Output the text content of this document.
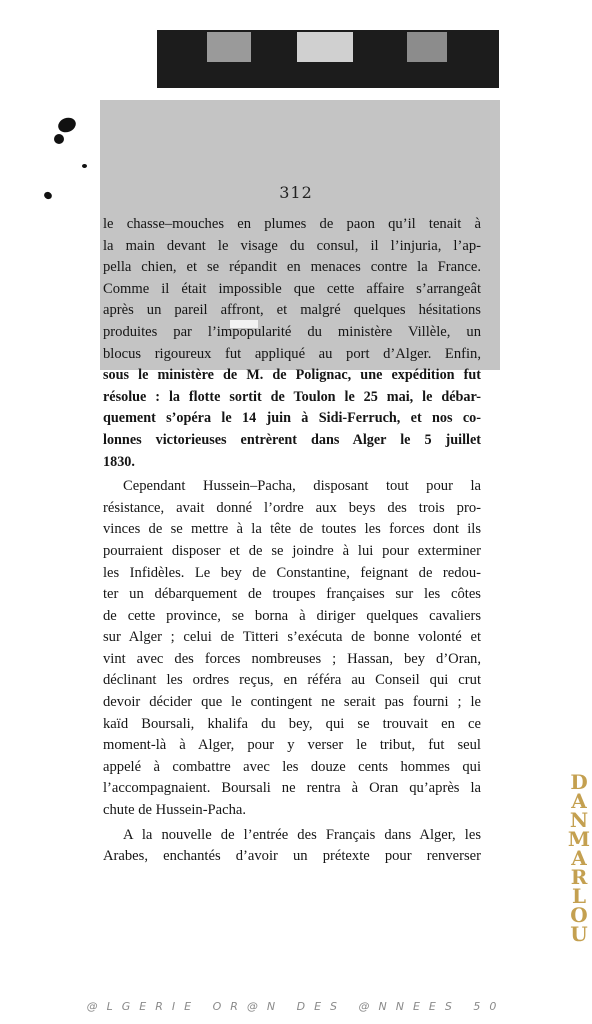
312
le chasse–mouches en plumes de paon qu’il tenait à
la main devant le visage du consul, il l’injuria, l’ap-
pella chien, et se répandit en menaces contre la France.
Comme il était impossible que cette affaire s’arrangeât
après un pareil affront, et malgré quelques hésitations
produites par l’impopularité du ministère Villèle, un
blocus rigoureux fut appliqué au port d’Alger. Enfin,
sous le ministère de M. de Polignac, une expédition fut
résolue : la flotte sortit de Toulon le 25 mai, le débar-
quement s’opéra le 14 juin à Sidi-Ferruch, et nos co-
lonnes victorieuses entrèrent dans Alger le 5 juillet
1830.
Cependant Hussein–Pacha, disposant tout pour la
résistance, avait donné l’ordre aux beys des trois pro-
vinces de se mettre à la tête de toutes les forces dont ils
pourraient disposer et de se joindre à lui pour exterminer
les Infidèles. Le bey de Constantine, feignant de redou-
ter un débarquement de troupes françaises sur les côtes
de cette province, se borna à diriger quelques cavaliers
sur Alger ; celui de Titteri s’exécuta de bonne volonté et
vint avec des forces nombreuses ; Hassan, bey d’Oran,
déclinant les ordres reçus, en référa au Conseil qui crut
devoir décider que le contingent ne serait pas fourni ; le
kaïd Boursali, khalifa du bey, qui se trouvait en ce
moment-là à Alger, pour y verser le tribut, fut seul
appelé à combattre avec les douze cents hommes qui
l’accompagnaient. Boursali ne rentra à Oran qu’après la
chute de Hussein-Pacha.
A la nouvelle de l’entrée des Français dans Alger, les
Arabes, enchantés d’avoir un prétexte pour renverser
D
A
N
M
A
R
L
O
U
@LGERIE OR@N DES @NNEES 50
